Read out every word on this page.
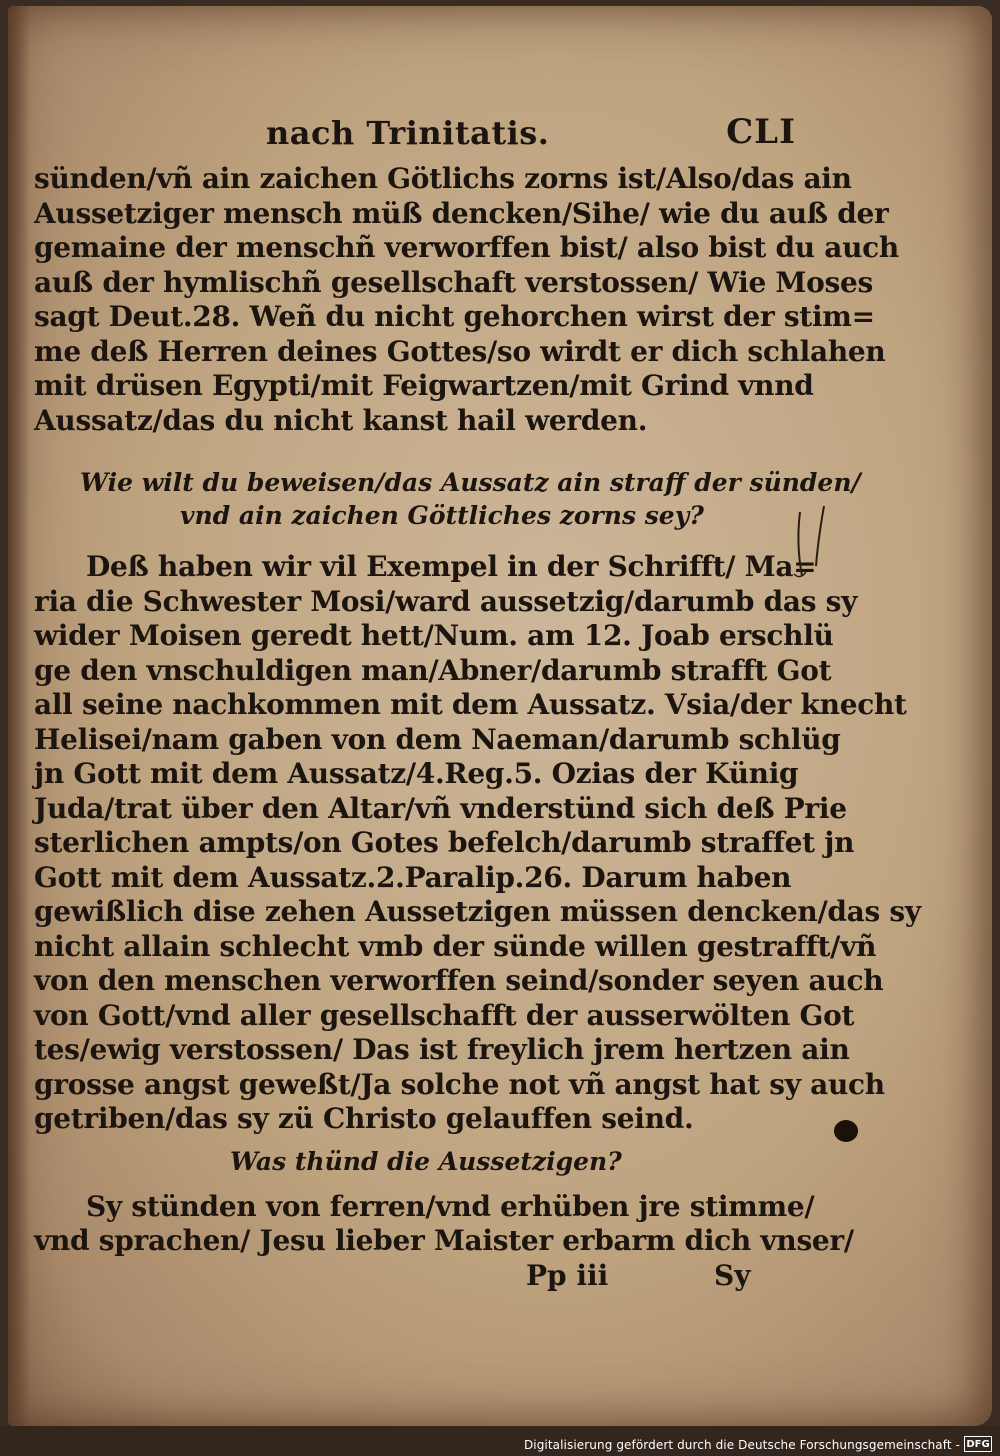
nach Trinitatis.	CLI
sünden/vñ ain zaichen Götlichs zorns ist/Also/das ain
Aussetziger mensch müß dencken/Sihe/ wie du auß der
gemaine der menschñ verworffen bist/ also bist du auch
auß der hymlischñ gesellschaft verstossen/ Wie Moses
sagt Deut.28. Weñ du nicht gehorchen wirst der stim=
me deß Herren deines Gottes/so wirdt er dich schlahen
mit drüsen Egypti/mit Feigwartzen/mit Grind vnnd
Aussatz/das du nicht kanst hail werden.
Wie wilt du beweisen/das Aussatz ain straff der sünden/
vnd ain zaichen Göttliches zorns sey?
Deß haben wir vil Exempel in der Schrifft/ Ma=
ria die Schwester Mosi/ward aussetzig/darumb das sy
wider Moisen geredt hett/Num. am 12. Joab erschlü
ge den vnschuldigen man/Abner/darumb strafft Got
all seine nachkommen mit dem Aussatz. Vsia/der knecht
Helisei/nam gaben von dem Naeman/darumb schlüg
jn Gott mit dem Aussatz/4.Reg.5. Ozias der Künig
Juda/trat über den Altar/vñ vnderstünd sich deß Prie
sterlichen ampts/on Gotes befelch/darumb straffet jn
Gott mit dem Aussatz.2.Paralip.26. Darum haben
gewißlich dise zehen Aussetzigen müssen dencken/das sy
nicht allain schlecht vmb der sünde willen gestrafft/vñ
von den menschen verworffen seind/sonder seyen auch
von Gott/vnd aller gesellschafft der ausserwölten Got
tes/ewig verstossen/ Das ist freylich jrem hertzen ain
grosse angst geweßt/Ja solche not vñ angst hat sy auch
getriben/das sy zü Christo gelauffen seind.
Was thünd die Aussetzigen?
Sy stünden von ferren/vnd erhüben jre stimme/
vnd sprachen/ Jesu lieber Maister erbarm dich vnser/
Pp iii	Sy
Digitalisierung gefördert durch die Deutsche Forschungsgemeinschaft - DFG
